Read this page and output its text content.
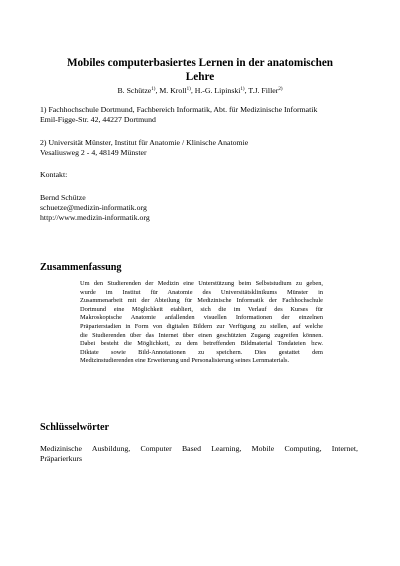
Mobiles computerbasiertes Lernen in der anatomischen
Lehre
B. Schütze$^{1)}$, M. Kroll$^{1)}$, H.-G. Lipinski$^{1)}$, T.J. Filler$^{2)}$
1) Fachhochschule Dortmund, Fachbereich Informatik, Abt. für Medizinische Informatik
Emil-Figge-Str. 42, 44227 Dortmund
2) Universität Münster, Institut für Anatomie / Klinische Anatomie
Vesaliusweg 2 - 4, 48149 Münster
Kontakt:
Bernd Schütze
schuetze@medizin-informatik.org
http://www.medizin-informatik.org
Zusammenfassung
Um den Studierenden der Medizin eine Unterstützung beim Selbststudium zu geben,
wurde im Institut für Anatomie des Universitätsklinikums Münster in
Zusammenarbeit mit der Abteilung für Medizinische Informatik der Fachhochschule
Dortmund eine Möglichkeit etabliert, sich die im Verlauf des Kurses für
Makroskopische Anatomie anfallenden visuellen Informationen der einzelnen
Präparierstadien in Form von digitalen Bildern zur Verfügung zu stellen, auf welche
die Studierenden über das Internet über einen geschützten Zugang zugreifen können.
Dabei besteht die Möglichkeit, zu dem betreffenden Bildmaterial Tondateien bzw.
Diktate sowie Bild-Annotationen zu speichern. Dies gestattet dem
Medizinstudierenden eine Erweiterung und Personalisierung seines Lernmaterials.
Schlüsselwörter
Medizinische Ausbildung, Computer Based Learning, Mobile Computing, Internet,
Präparierkurs
